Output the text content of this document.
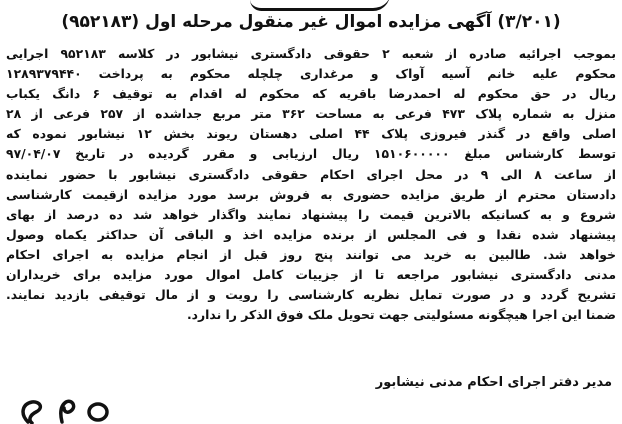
(۳/۲۰۱) آگهی مزایده اموال غیر منقول مرحله اول (۹۵۲۱۸۳)
بموجب اجرائیه صادره از شعبه ۲ حقوقی دادگستری نیشابور در کلاسه ۹۵۲۱۸۳ اجرایی
محکوم علیه خانم آسیه آواک و مرغداری چلچله محکوم به پرداخت ۱۲۸۹۳۷۹۴۴۰
ریال در حق محکوم له احمدرضا باقریه که محکوم له اقدام به توقیف ۶ دانگ یکباب
منزل به شماره پلاک ۴۷۳ فرعی به مساحت ۳۶۲ متر مربع جداشده از ۲۵۷ فرعی از ۲۸
اصلی واقع در گنذر فیروزی پلاک ۴۴ اصلی دهستان ریوند بخش ۱۲ نیشابور نموده که
توسط کارشناس مبلغ ۱۵۱۰۶۰۰۰۰۰ ریال ارزیابی و مقرر گردیده در تاریخ ۹۷/۰۴/۰۷
از ساعت ۸ الی ۹ در محل اجرای احکام حقوقی دادگستری نیشابور با حضور نماینده
دادستان محترم از طریق مزایده حضوری به فروش برسد مورد مزایده ازقیمت کارشناسی
شروع و به کسانیکه بالاترین قیمت را پیشنهاد نمایند واگذار خواهد شد ده درصد از بهای
پیشنهاد شده نقدا و فی المجلس از برنده مزایده اخذ و الباقی آن حداکثر یکماه وصول
خواهد شد. طالبین به خرید می توانند پنج روز قبل از انجام مزایده به اجرای احکام
مدنی دادگستری نیشابور مراجعه تا از جزییات کامل اموال مورد مزایده برای خریداران
تشریح گردد و در صورت تمایل نظریه کارشناسی را رویت و از مال توقیفی بازدید نمایند.
ضمنا این اجرا هیچگونه مسئولیتی جهت تحویل ملک فوق الذکر را ندارد.
مدیر دفتر اجرای احکام مدنی نیشابور
